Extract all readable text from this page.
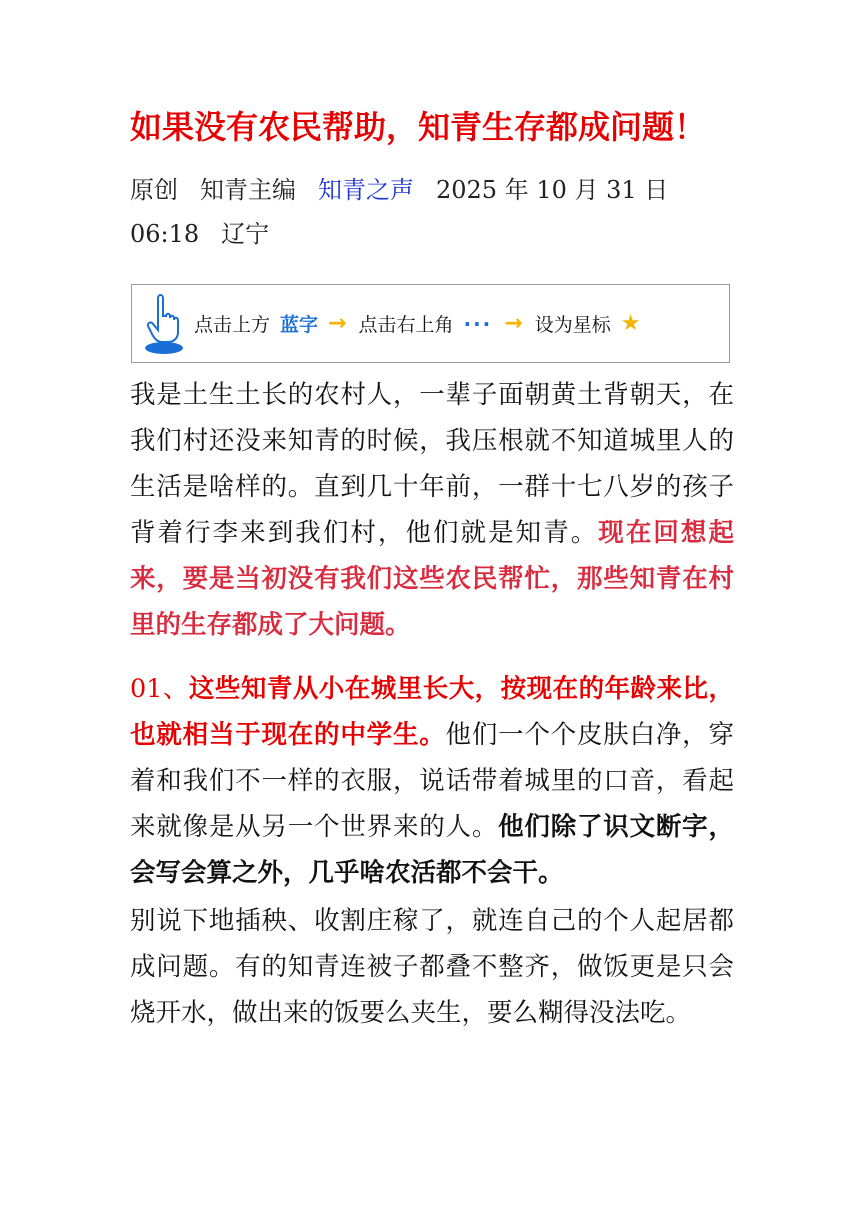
如果没有农民帮助，知青生存都成问题！
原创 知青主编 知青之声 2025 年 10 月 31 日
06:18 辽宁
点击上方 蓝字 → 点击右上角 ··· → 设为星标 ★
我是土生土长的农村人，一辈子面朝黄土背朝天，在我们村还没来知青的时候，我压根就不知道城里人的生活是啥样的。直到几十年前，一群十七八岁的孩子背着行李来到我们村，他们就是知青。现在回想起来，要是当初没有我们这些农民帮忙，那些知青在村里的生存都成了大问题。
01、这些知青从小在城里长大，按现在的年龄来比，也就相当于现在的中学生。他们一个个皮肤白净，穿着和我们不一样的衣服，说话带着城里的口音，看起来就像是从另一个世界来的人。他们除了识文断字，会写会算之外，几乎啥农活都不会干。
别说下地插秧、收割庄稼了，就连自己的个人起居都成问题。有的知青连被子都叠不整齐，做饭更是只会烧开水，做出来的饭要么夹生，要么糊得没法吃。
